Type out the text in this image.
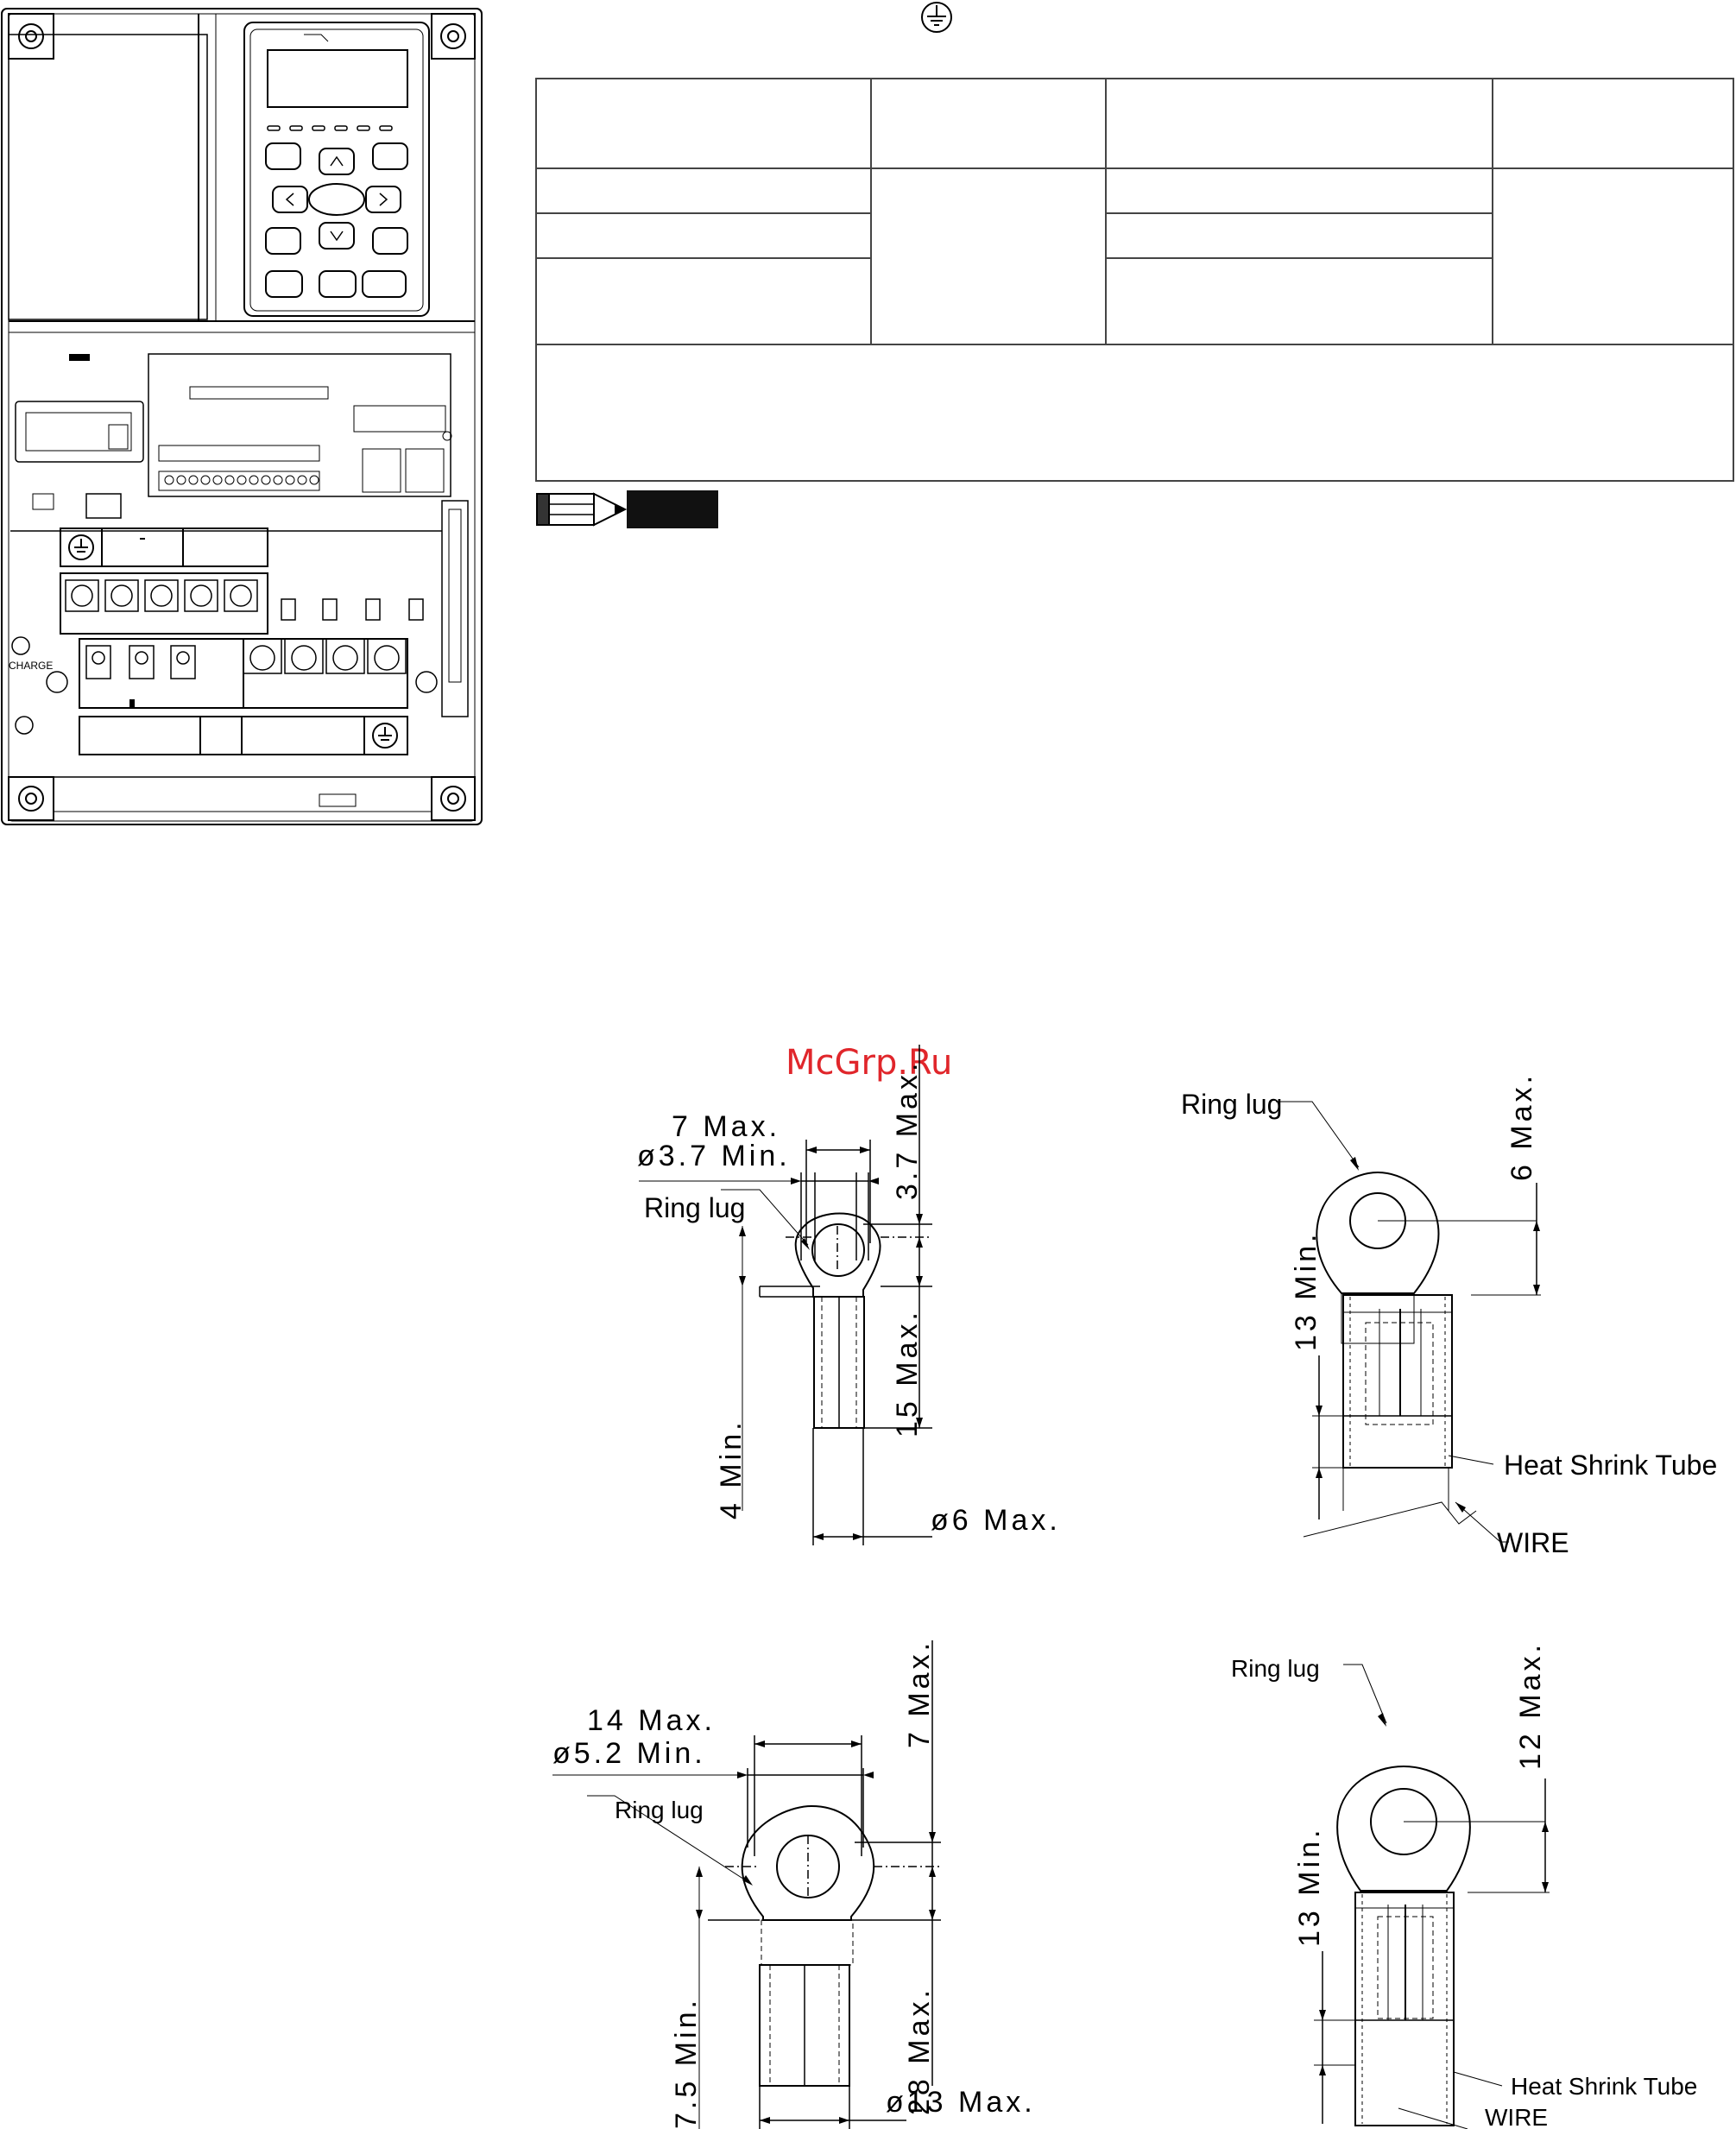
CHARGE
McGrp.Ru
7 Max.
ø3.7 Min.
Ring lug
3.7 Max.
15 Max.
4 Min.
ø6 Max.
Ring lug	6 Max.
13 Min.
Heat Shrink Tube
WIRE
14 Max.
ø5.2 Min.
Ring lug
7 Max.
28 Max.
7.5 Min.	ø13 Max.
Ring lug	12 Max.
13 Min.
Heat Shrink Tube
WIRE
